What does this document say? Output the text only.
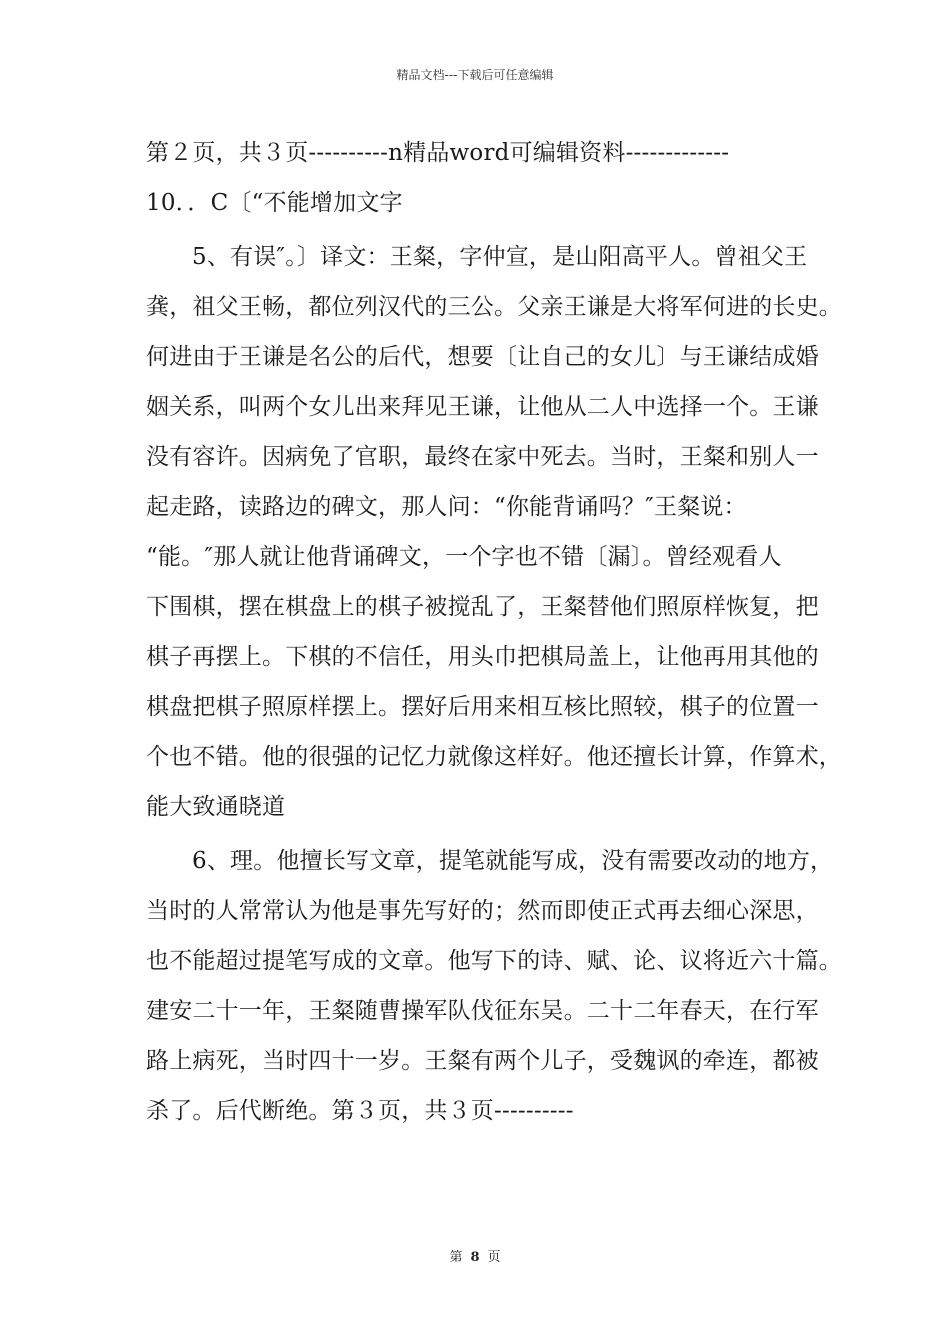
精品文档---下载后可任意编辑
第２页，共３页----------n精品word可编辑资料-------------
10．．C〔“不能增加文字
5、有误″。〕译文：王粲，字仲宣，是山阳高平人。曾祖父王
龚，祖父王畅，都位列汉代的三公。父亲王谦是大将军何进的长史。
何进由于王谦是名公的后代，想要〔让自己的女儿〕与王谦结成婚
姻关系，叫两个女儿出来拜见王谦，让他从二人中选择一个。王谦
没有容许。因病免了官职，最终在家中死去。当时，王粲和别人一
起走路，读路边的碑文，那人问：“你能背诵吗？″王粲说：
“能。″那人就让他背诵碑文，一个字也不错〔漏〕。曾经观看人
下围棋，摆在棋盘上的棋子被搅乱了，王粲替他们照原样恢复，把
棋子再摆上。下棋的不信任，用头巾把棋局盖上，让他再用其他的
棋盘把棋子照原样摆上。摆好后用来相互核比照较，棋子的位置一
个也不错。他的很强的记忆力就像这样好。他还擅长计算，作算术，
能大致通晓道
6、理。他擅长写文章，提笔就能写成，没有需要改动的地方，
当时的人常常认为他是事先写好的；然而即使正式再去细心深思，
也不能超过提笔写成的文章。他写下的诗、赋、论、议将近六十篇。
建安二十一年，王粲随曹操军队伐征东吴。二十二年春天，在行军
路上病死，当时四十一岁。王粲有两个儿子，受魏讽的牵连，都被
杀了。后代断绝。第３页，共３页----------
第 8 页
